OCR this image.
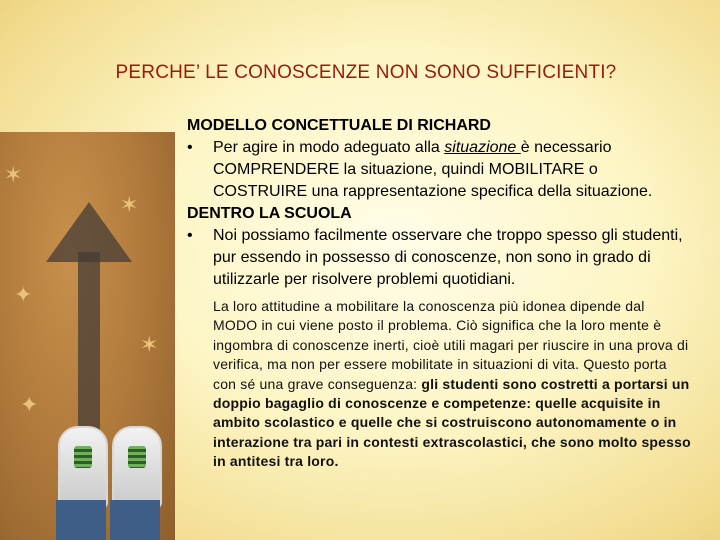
PERCHE’ LE CONOSCENZE NON SONO SUFFICIENTI?
✶
✶
✦
✶
✦

MODELLO CONCETTUALE DI RICHARD

•	Per agire in modo adeguato alla situazione è necessario COMPRENDERE la situazione, quindi MOBILITARE o COSTRUIRE una rappresentazione specifica della situazione.

DENTRO LA SCUOLA

•	Noi possiamo facilmente osservare che troppo spesso gli studenti, pur essendo in possesso di conoscenze, non sono in grado di utilizzarle per risolvere problemi quotidiani.

La loro attitudine a mobilitare la conoscenza più idonea dipende dal MODO in cui viene posto il problema. Ciò significa che la loro mente è ingombra di conoscenze inerti, cioè utili magari per riuscire in una prova di verifica, ma non per essere mobilitate in situazioni di vita. Questo porta con sé una grave conseguenza: gli studenti sono costretti a portarsi un doppio bagaglio di conoscenze e competenze: quelle acquisite in ambito scolastico e quelle che si costruiscono autonomamente o in interazione tra pari in contesti extrascolastici, che sono molto spesso in antitesi tra loro.
